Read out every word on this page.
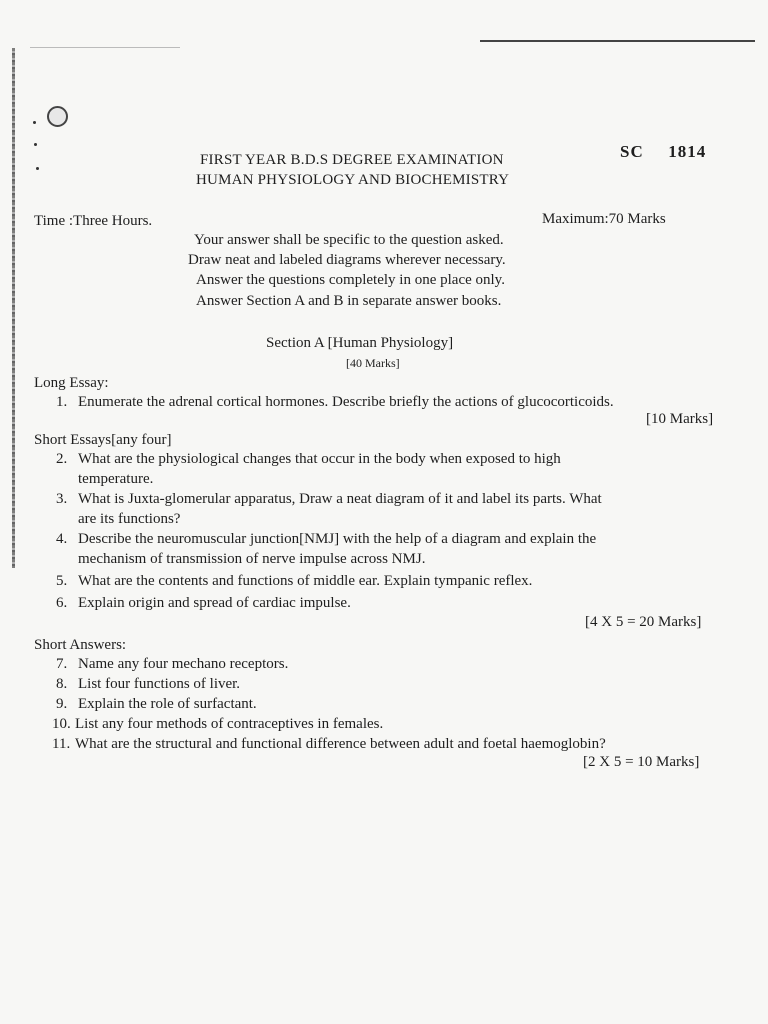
SC 1814
FIRST YEAR B.D.S DEGREE EXAMINATION
HUMAN PHYSIOLOGY AND BIOCHEMISTRY
Time :Three Hours.	Maximum:70 Marks
Your answer shall be specific to the question asked.
Draw neat and labeled diagrams wherever necessary.
Answer the questions completely in one place only.
Answer Section A and B in separate answer books.
Section A [Human Physiology]
[40 Marks]
Long Essay:
1. Enumerate the adrenal cortical hormones. Describe briefly the actions of glucocorticoids.
[10 Marks]
Short Essays[any four]
2. What are the physiological changes that occur in the body when exposed to high
temperature.
3. What is Juxta-glomerular apparatus, Draw a neat diagram of it and label its parts. What
are its functions?
4. Describe the neuromuscular junction[NMJ] with the help of a diagram and explain the
mechanism of transmission of nerve impulse across NMJ.
5. What are the contents and functions of middle ear. Explain tympanic reflex.
6. Explain origin and spread of cardiac impulse.
[4 X 5 = 20 Marks]
Short Answers:
7. Name any four mechano receptors.
8. List four functions of liver.
9. Explain the role of surfactant.
10. List any four methods of contraceptives in females.
11. What are the structural and functional difference between adult and foetal haemoglobin?
[2 X 5 = 10 Marks]
